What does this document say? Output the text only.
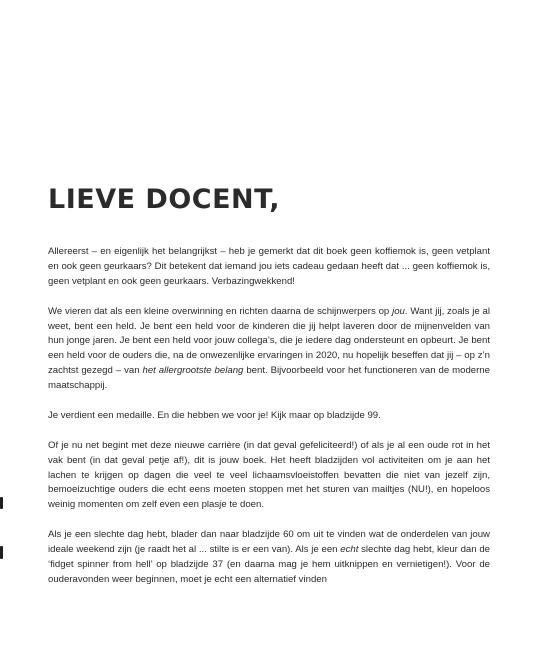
LIEVE DOCENT,

Allereerst – en eigenlijk het belangrijkst – heb je gemerkt dat dit boek geen koffiemok is, geen vetplant en ook geen geurkaars? Dit betekent dat iemand jou iets cadeau gedaan heeft dat ... geen koffiemok is, geen vetplant en ook geen geurkaars. Verbazingwekkend!

We vieren dat als een kleine overwinning en richten daarna de schijnwerpers op jou. Want jij, zoals je al weet, bent een held. Je bent een held voor de kinderen die jij helpt laveren door de mijnenvelden van hun jonge jaren. Je bent een held voor jouw collega’s, die je iedere dag ondersteunt en opbeurt. Je bent een held voor de ouders die, na de onwezenlijke ervaringen in 2020, nu hopelijk beseffen dat jij – op z’n zachtst gezegd – van het allergrootste belang bent. Bijvoorbeeld voor het functioneren van de moderne maatschappij.

Je verdient een medaille. En die hebben we voor je! Kijk maar op bladzijde 99.

Of je nu net begint met deze nieuwe carrière (in dat geval gefeliciteerd!) of als je al een oude rot in het vak bent (in dat geval petje af!), dit is jouw boek. Het heeft bladzijden vol activiteiten om je aan het lachen te krijgen op dagen die veel te veel lichaamsvloeistoffen bevatten die niet van jezelf zijn, bemoeizuchtige ouders die echt eens moeten stoppen met het sturen van mailtjes (NU!), en hopeloos weinig momenten om zelf even een plasje te doen.

Als je een slechte dag hebt, blader dan naar bladzijde 60 om uit te vinden wat de onderdelen van jouw ideale weekend zijn (je raadt het al ... stilte is er een van). Als je een echt slechte dag hebt, kleur dan de ‘fidget spinner from hell’ op bladzijde 37 (en daarna mag je hem uitknippen en vernietigen!). Voor de ouderavonden weer beginnen, moet je echt een alternatief vinden
